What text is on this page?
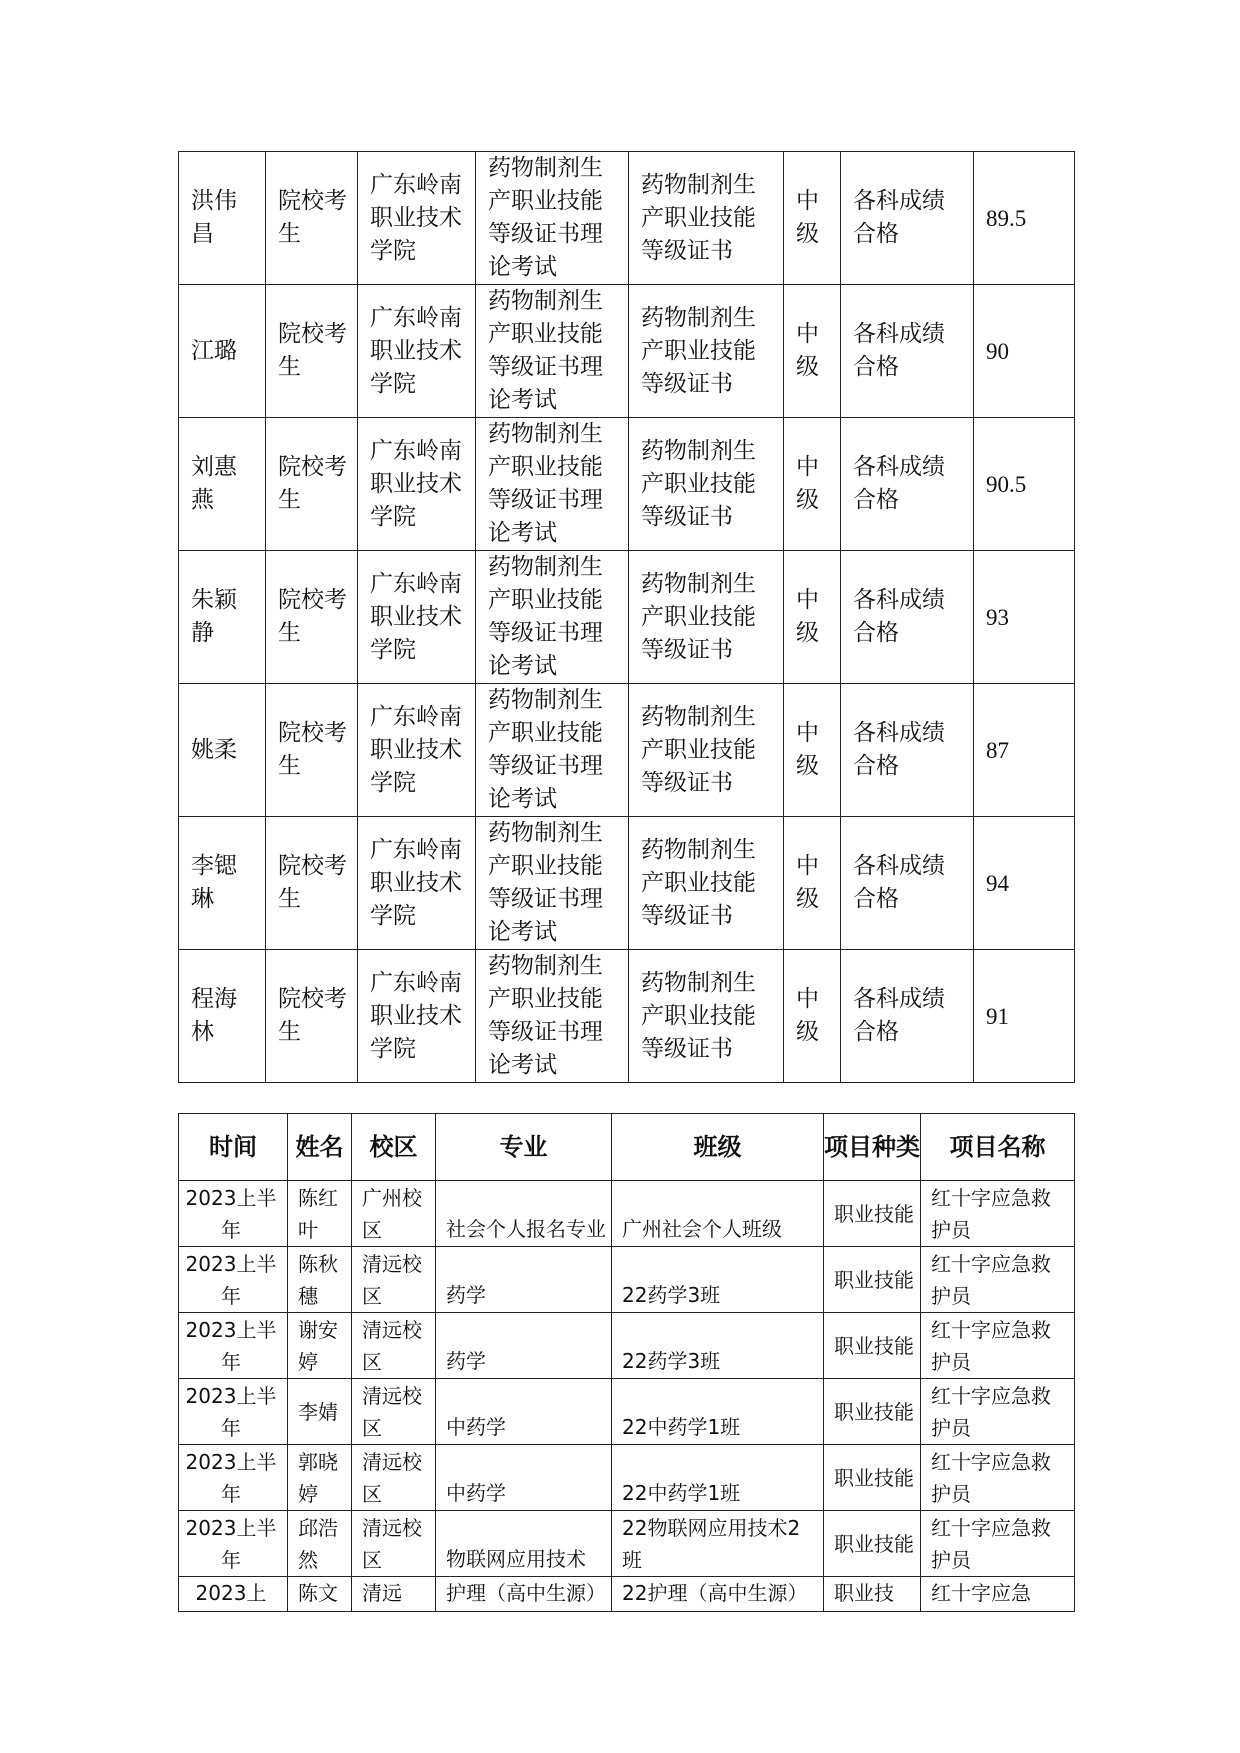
洪伟昌	院校考生	广东岭南职业技术学院	药物制剂生产职业技能等级证书理论考试	药物制剂生产职业技能等级证书	中级	各科成绩合格	89.5

江璐	院校考生	广东岭南职业技术学院	药物制剂生产职业技能等级证书理论考试	药物制剂生产职业技能等级证书	中级	各科成绩合格	90

刘惠燕	院校考生	广东岭南职业技术学院	药物制剂生产职业技能等级证书理论考试	药物制剂生产职业技能等级证书	中级	各科成绩合格	90.5

朱颖静	院校考生	广东岭南职业技术学院	药物制剂生产职业技能等级证书理论考试	药物制剂生产职业技能等级证书	中级	各科成绩合格	93

姚柔	院校考生	广东岭南职业技术学院	药物制剂生产职业技能等级证书理论考试	药物制剂生产职业技能等级证书	中级	各科成绩合格	87

李锶琳	院校考生	广东岭南职业技术学院	药物制剂生产职业技能等级证书理论考试	药物制剂生产职业技能等级证书	中级	各科成绩合格	94

程海林	院校考生	广东岭南职业技术学院	药物制剂生产职业技能等级证书理论考试	药物制剂生产职业技能等级证书	中级	各科成绩合格	91
时间	姓名	校区	专业	班级	项目种类	项目名称

2023上半年	陈红叶	广州校区	社会个人报名专业	广州社会个人班级	职业技能	红十字应急救护员

2023上半年	陈秋穗	清远校区	药学	22药学3班	职业技能	红十字应急救护员

2023上半年	谢安婷	清远校区	药学	22药学3班	职业技能	红十字应急救护员

2023上半年	李婧	清远校区	中药学	22中药学1班	职业技能	红十字应急救护员

2023上半年	郭晓婷	清远校区	中药学	22中药学1班	职业技能	红十字应急救护员

2023上半年	邱浩然	清远校区	物联网应用技术	22物联网应用技术2班	职业技能	红十字应急救护员

2023上	陈文	清远	护理（高中生源）	22护理（高中生源）	职业技	红十字应急
